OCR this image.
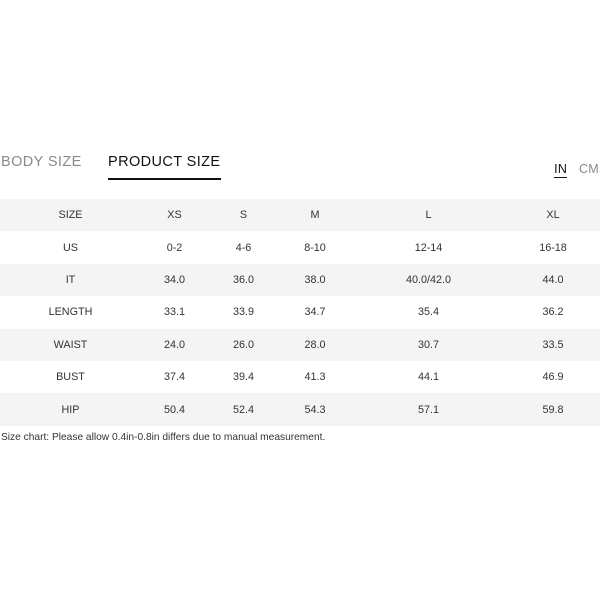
BODY SIZE PRODUCT SIZE	IN CM
SIZE	XS	S	M	L	XL
US	0-2	4-6	8-10	12-14	16-18
IT	34.0	36.0	38.0	40.0/42.0	44.0
LENGTH	33.1	33.9	34.7	35.4	36.2
WAIST	24.0	26.0	28.0	30.7	33.5
BUST	37.4	39.4	41.3	44.1	46.9
HIP	50.4	52.4	54.3	57.1	59.8
Size chart: Please allow 0.4in-0.8in differs due to manual measurement.
